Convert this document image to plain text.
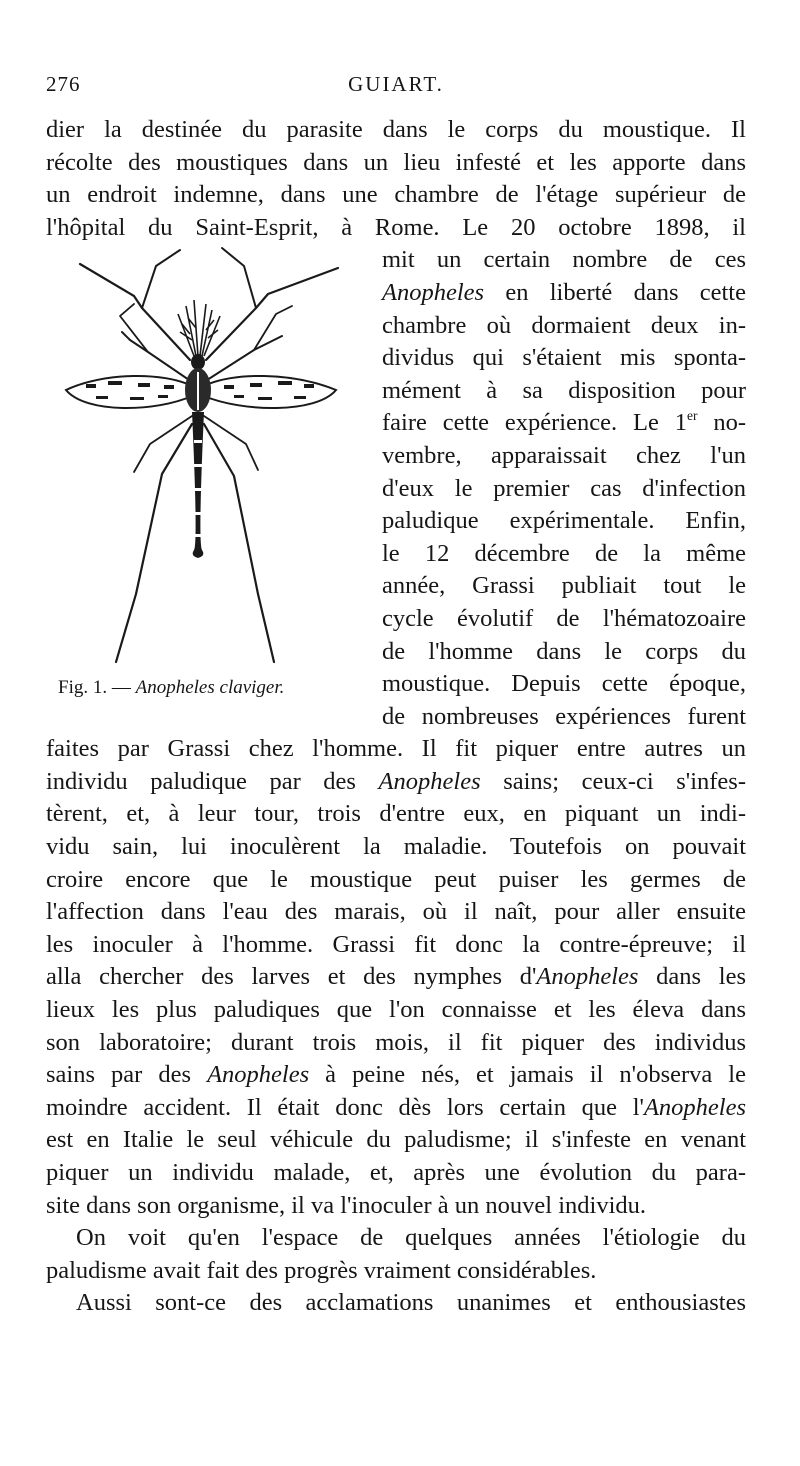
276	GUIART.
dier la destinée du parasite dans le corps du moustique. Il
récolte des moustiques dans un lieu infesté et les apporte dans
un endroit indemne, dans une chambre de l'étage supérieur de
l'hôpital du Saint-Esprit, à Rome. Le 20 octobre 1898, il
Fig. 1. — Anopheles claviger.
mit un certain nombre de ces
Anopheles en liberté dans cette
chambre où dormaient deux in-
dividus qui s'étaient mis sponta-
mément à sa disposition pour
faire cette expérience. Le 1er no-
vembre, apparaissait chez l'un
d'eux le premier cas d'infection
paludique expérimentale. Enfin,
le 12 décembre de la même
année, Grassi publiait tout le
cycle évolutif de l'hématozoaire
de l'homme dans le corps du
moustique. Depuis cette époque,
de nombreuses expériences furent
faites par Grassi chez l'homme. Il fit piquer entre autres un
individu paludique par des Anopheles sains; ceux-ci s'infes-
tèrent, et, à leur tour, trois d'entre eux, en piquant un indi-
vidu sain, lui inoculèrent la maladie. Toutefois on pouvait
croire encore que le moustique peut puiser les germes de
l'affection dans l'eau des marais, où il naît, pour aller ensuite
les inoculer à l'homme. Grassi fit donc la contre-épreuve; il
alla chercher des larves et des nymphes d'Anopheles dans les
lieux les plus paludiques que l'on connaisse et les éleva dans
son laboratoire; durant trois mois, il fit piquer des individus
sains par des Anopheles à peine nés, et jamais il n'observa le
moindre accident. Il était donc dès lors certain que l'Anopheles
est en Italie le seul véhicule du paludisme; il s'infeste en venant
piquer un individu malade, et, après une évolution du para-
site dans son organisme, il va l'inoculer à un nouvel individu.
On voit qu'en l'espace de quelques années l'étiologie du
paludisme avait fait des progrès vraiment considérables.
Aussi sont-ce des acclamations unanimes et enthousiastes
